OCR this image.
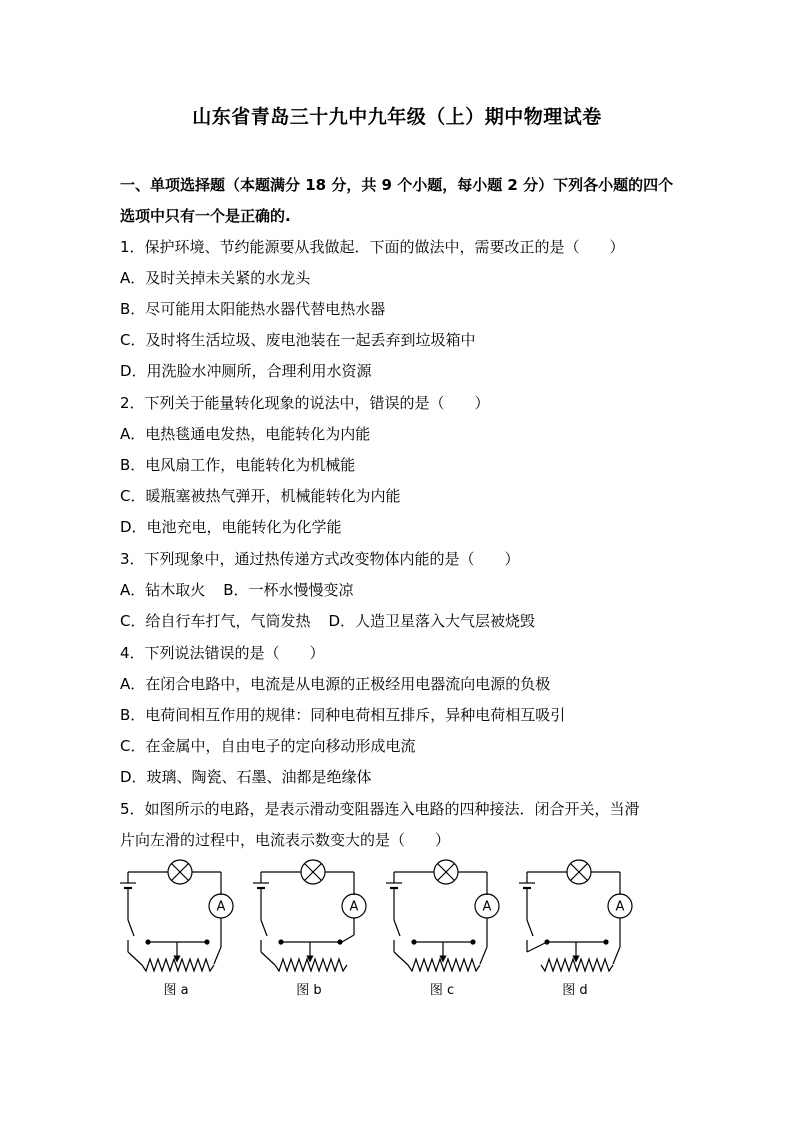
山东省青岛三十九中九年级（上）期中物理试卷
一、单项选择题（本题满分 18 分，共 9 个小题，每小题 2 分）下列各小题的四个选项中只有一个是正确的.
1．保护环境、节约能源要从我做起．下面的做法中，需要改正的是（　　）
A．及时关掉未关紧的水龙头
B．尽可能用太阳能热水器代替电热水器
C．及时将生活垃圾、废电池装在一起丢弃到垃圾箱中
D．用洗脸水冲厕所，合理利用水资源
2．下列关于能量转化现象的说法中，错误的是（　　）
A．电热毯通电发热，电能转化为内能
B．电风扇工作，电能转化为机械能
C．暖瓶塞被热气弹开，机械能转化为内能
D．电池充电，电能转化为化学能
3．下列现象中，通过热传递方式改变物体内能的是（　　）
A．钻木取火 B．一杯水慢慢变凉
C．给自行车打气，气筒发热 D．人造卫星落入大气层被烧毁
4．下列说法错误的是（　　）
A．在闭合电路中，电流是从电源的正极经用电器流向电源的负极
B．电荷间相互作用的规律：同种电荷相互排斥，异种电荷相互吸引
C．在金属中，自由电子的定向移动形成电流
D．玻璃、陶瓷、石墨、油都是绝缘体
5．如图所示的电路，是表示滑动变阻器连入电路的四种接法．闭合开关，当滑
片向左滑的过程中，电流表示数变大的是（　　）
A
图 a
A
图 b
A
图 c
A
图 d
